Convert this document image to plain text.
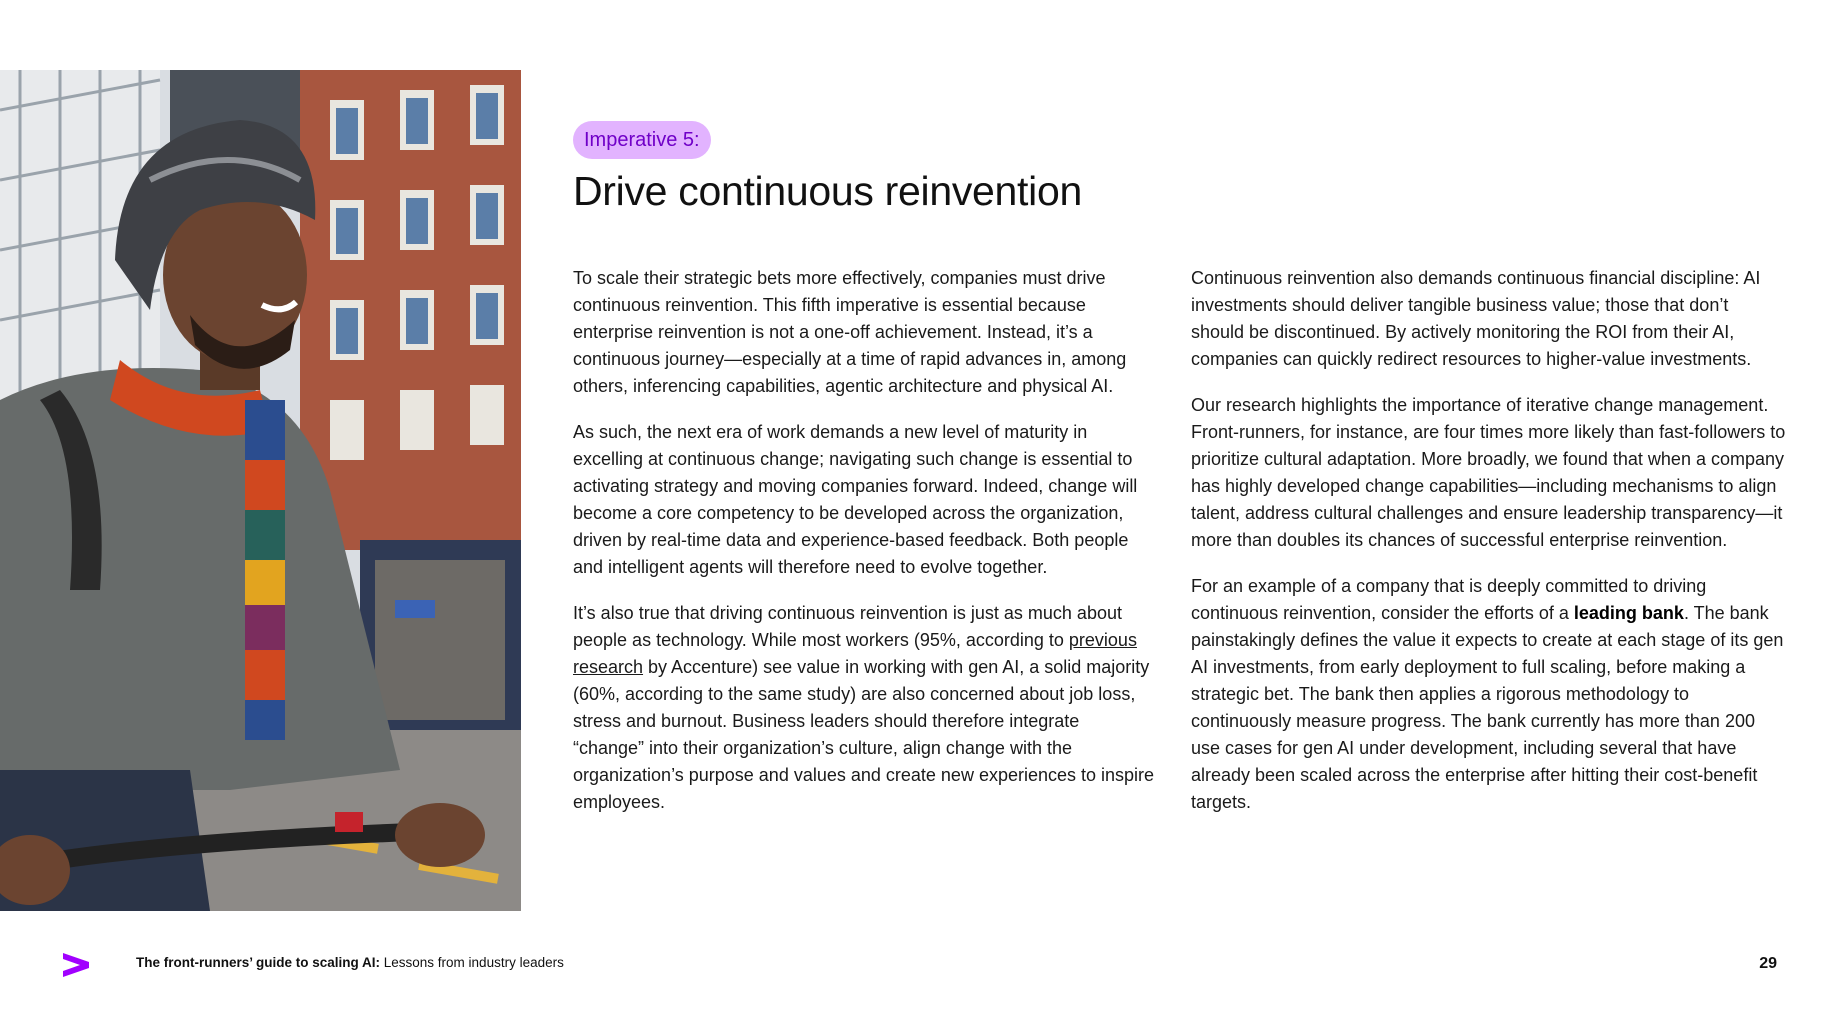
Imperative 5:
Drive continuous reinvention

To scale their strategic bets more effectively, companies must drive continuous reinvention. This fifth imperative is essential because enterprise reinvention is not a one-off achievement. Instead, it’s a continuous journey—especially at a time of rapid advances in, among others, inferencing capabilities, agentic architecture and physical AI.

As such, the next era of work demands a new level of maturity in excelling at continuous change; navigating such change is essential to activating strategy and moving companies forward. Indeed, change will become a core competency to be developed across the organization, driven by real-time data and experience-based feedback. Both people and intelligent agents will therefore need to evolve together.

It’s also true that driving continuous reinvention is just as much about people as technology. While most workers (95%, according to previous research by Accenture) see value in working with gen AI, a solid majority (60%, according to the same study) are also concerned about job loss, stress and burnout. Business leaders should therefore integrate “change” into their organization’s culture, align change with the organization’s purpose and values and create new experiences to inspire employees.

Continuous reinvention also demands continuous financial discipline: AI investments should deliver tangible business value; those that don’t should be discontinued. By actively monitoring the ROI from their AI, companies can quickly redirect resources to higher-value investments.

Our research highlights the importance of iterative change management. Front-runners, for instance, are four times more likely than fast-followers to prioritize cultural adaptation. More broadly, we found that when a company has highly developed change capabilities—including mechanisms to align talent, address cultural challenges and ensure leadership transparency—it more than doubles its chances of successful enterprise reinvention.

For an example of a company that is deeply committed to driving continuous reinvention, consider the efforts of a leading bank. The bank painstakingly defines the value it expects to create at each stage of its gen AI investments, from early deployment to full scaling, before making a strategic bet. The bank then applies a rigorous methodology to continuously measure progress. The bank currently has more than 200 use cases for gen AI under development, including several that have already been scaled across the enterprise after hitting their cost-benefit targets.

The front-runners’ guide to scaling AI: Lessons from industry leaders	29
